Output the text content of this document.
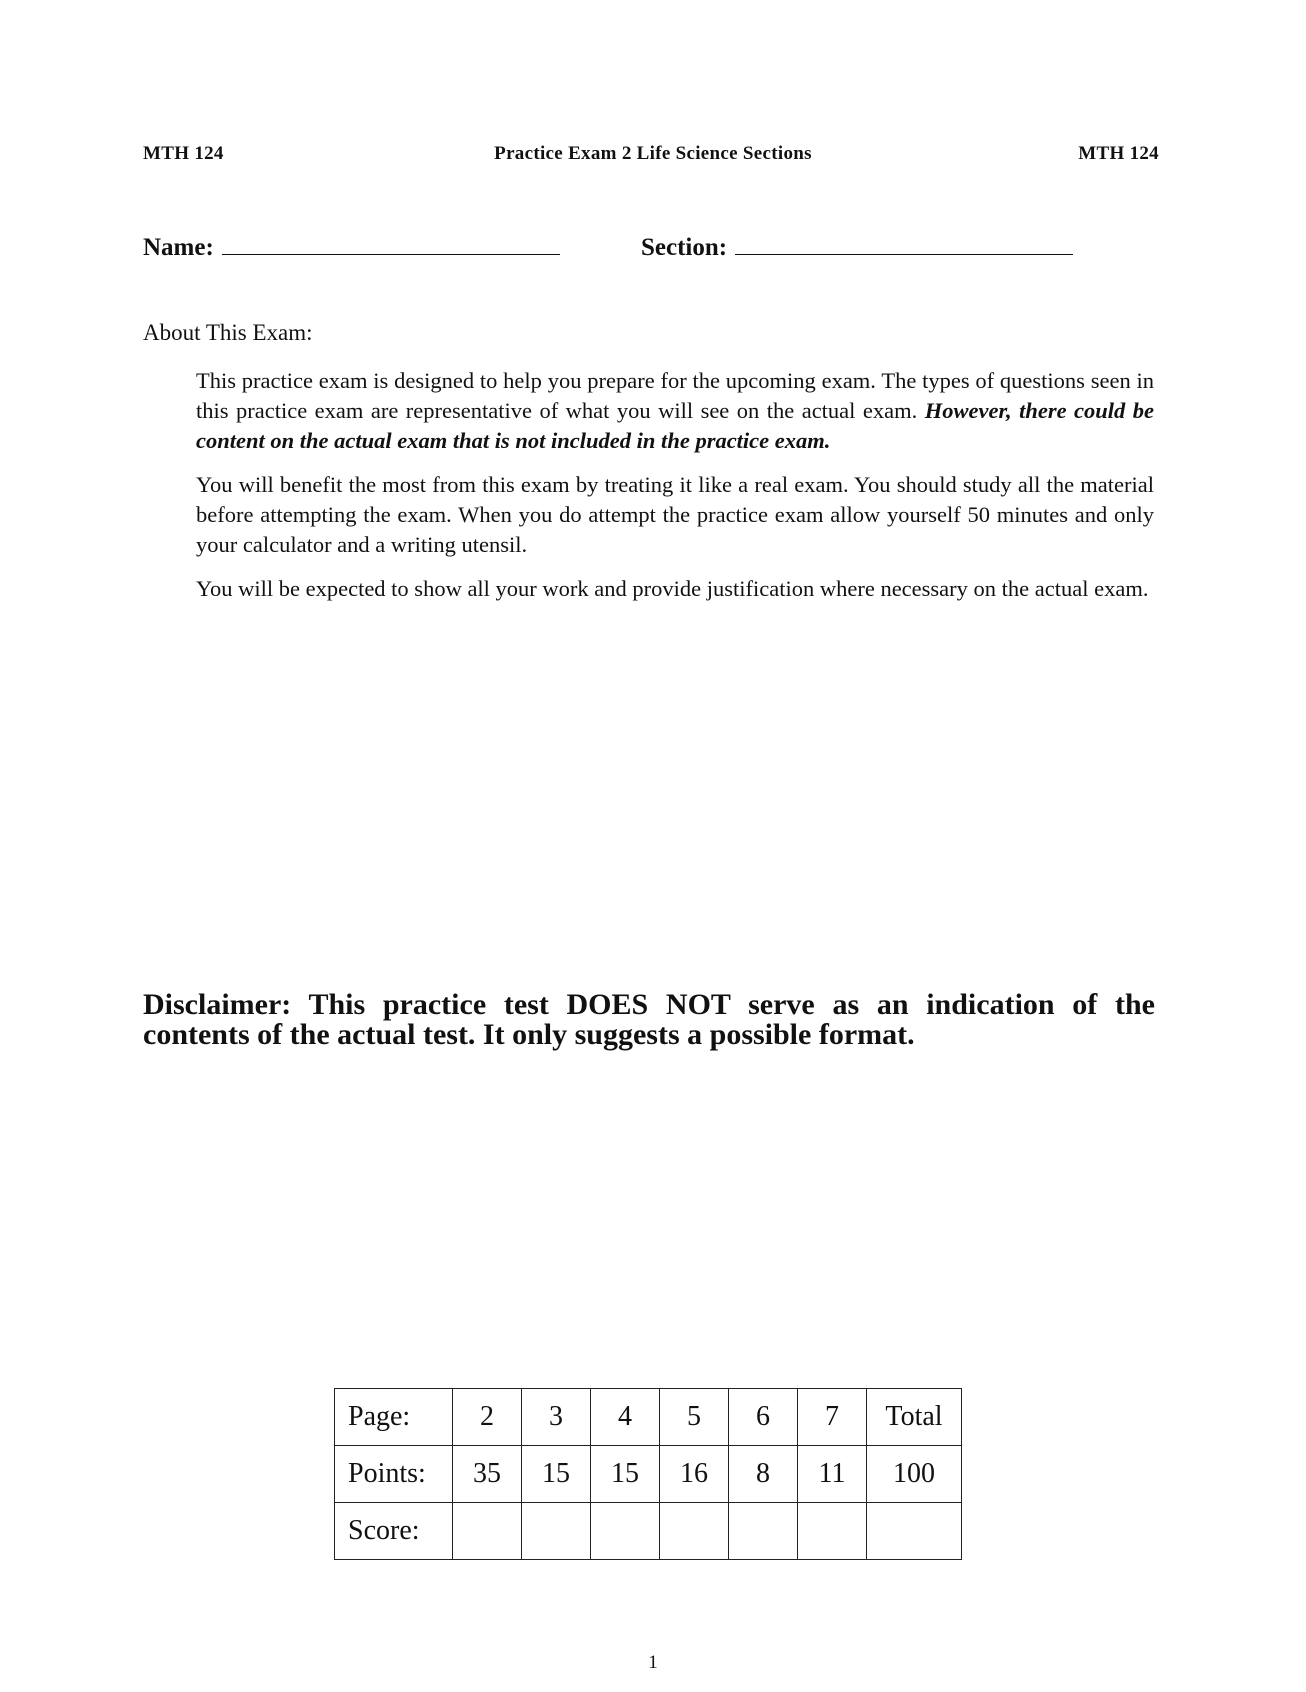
MTH 124	Practice Exam 2 Life Science Sections	MTH 124
Name:	Section:
About This Exam:

This practice exam is designed to help you prepare for the upcoming exam. The types of questions seen in this practice exam are representative of what you will see on the actual exam. However, there could be content on the actual exam that is not included in the practice exam.

You will benefit the most from this exam by treating it like a real exam. You should study all the material before attempting the exam. When you do attempt the practice exam allow yourself 50 minutes and only your calculator and a writing utensil.

You will be expected to show all your work and provide justification where necessary on the actual exam.

Disclaimer: This practice test DOES NOT serve as an indication of the contents of the actual test. It only suggests a possible format.
Page:	2	3	4	5	6	7	Total
Points:	35	15	15	16	8	11	100
Score:							
1
